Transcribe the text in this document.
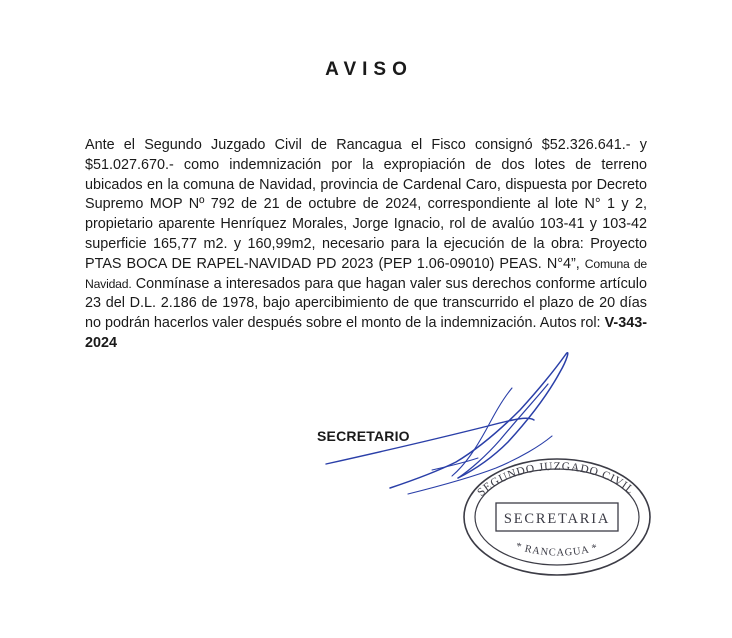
AVISO

Ante el Segundo Juzgado Civil de Rancagua el Fisco consignó $52.326.641.- y $51.027.670.- como indemnización por la expropiación de dos lotes de terreno ubicados en la comuna de Navidad, provincia de Cardenal Caro, dispuesta por Decreto Supremo MOP Nº 792 de 21 de octubre de 2024, correspondiente al lote N° 1 y 2, propietario aparente Henríquez Morales, Jorge Ignacio, rol de avalúo 103-41 y 103-42 superficie 165,77 m2. y 160,99m2, necesario para la ejecución de la obra: Proyecto PTAS BOCA DE RAPEL-NAVIDAD PD 2023 (PEP 1.06-09010) PEAS. N°4”, Comuna de Navidad. Conmínase a interesados para que hagan valer sus derechos conforme artículo 23 del D.L. 2.186 de 1978, bajo apercibimiento de que transcurrido el plazo de 20 días no podrán hacerlos valer después sobre el monto de la indemnización. Autos rol: V-343-2024

SECRETARIO
SEGUNDO JUZGADO CIVIL
SECRETARIA
* RANCAGUA *
